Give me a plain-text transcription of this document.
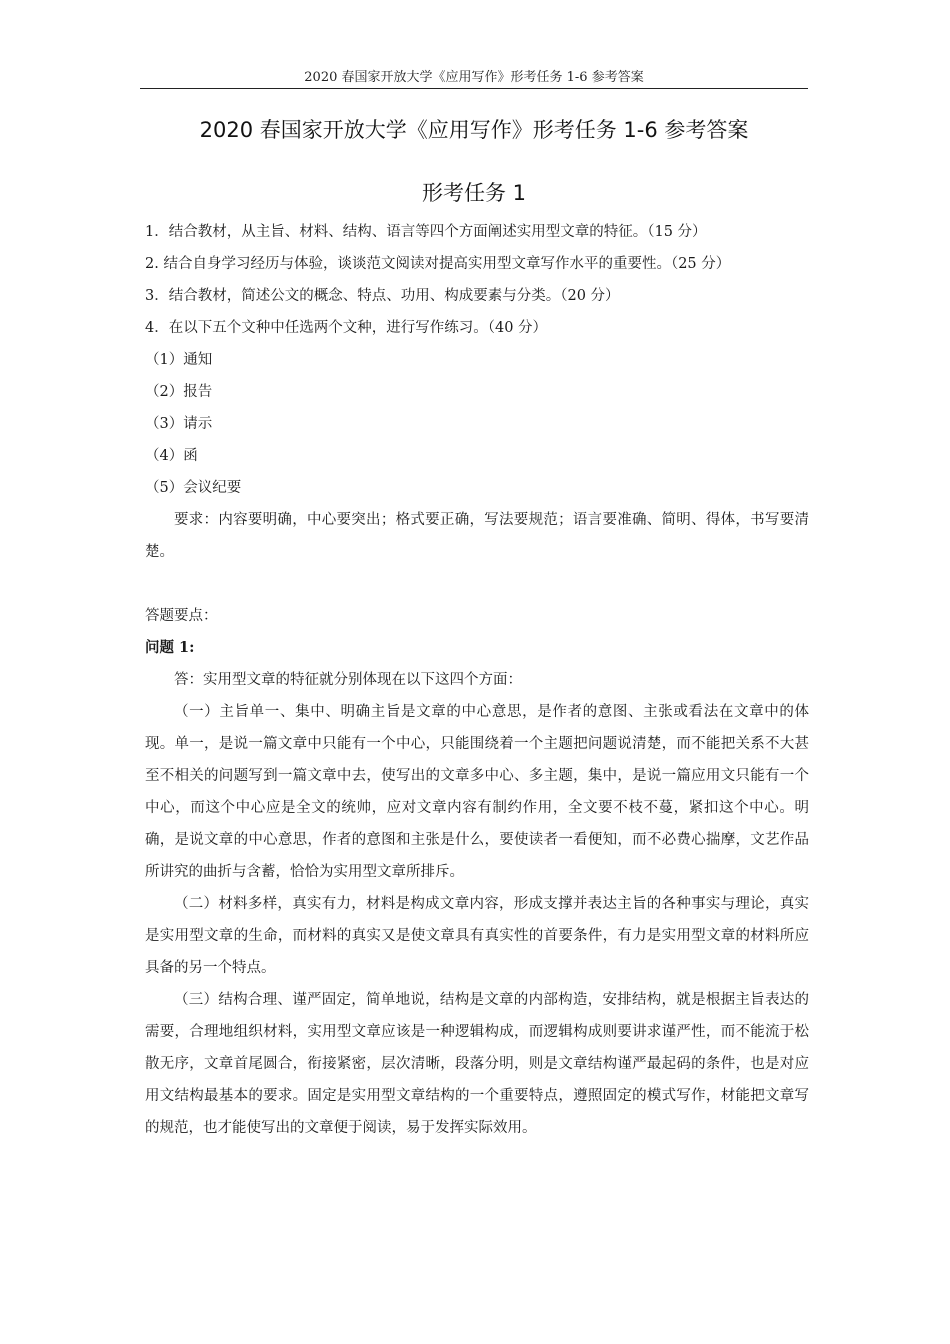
2020 春国家开放大学《应用写作》形考任务 1-6 参考答案
2020 春国家开放大学《应用写作》形考任务 1-6 参考答案
形考任务 1

1．结合教材，从主旨、材料、结构、语言等四个方面阐述实用型文章的特征。（15 分）

2. 结合自身学习经历与体验，谈谈范文阅读对提高实用型文章写作水平的重要性。（25 分）

3．结合教材，简述公文的概念、特点、功用、构成要素与分类。（20 分）

4．在以下五个文种中任选两个文种，进行写作练习。（40 分）

（1）通知

（2）报告

（3）请示

（4）函

（5）会议纪要

要求：内容要明确，中心要突出；格式要正确，写法要规范；语言要准确、简明、得体，书写要清楚。

答题要点：

问题 1:

答：实用型文章的特征就分别体现在以下这四个方面：

（一）主旨单一、集中、明确主旨是文章的中心意思，是作者的意图、主张或看法在文章中的体现。单一，是说一篇文章中只能有一个中心，只能围绕着一个主题把问题说清楚，而不能把关系不大甚至不相关的问题写到一篇文章中去，使写出的文章多中心、多主题，集中，是说一篇应用文只能有一个中心，而这个中心应是全文的统帅，应对文章内容有制约作用，全文要不枝不蔓，紧扣这个中心。明确，是说文章的中心意思，作者的意图和主张是什么，要使读者一看便知，而不必费心揣摩，文艺作品所讲究的曲折与含蓄，恰恰为实用型文章所排斥。

（二）材料多样，真实有力，材料是构成文章内容，形成支撑并表达主旨的各种事实与理论，真实是实用型文章的生命，而材料的真实又是使文章具有真实性的首要条件，有力是实用型文章的材料所应具备的另一个特点。

（三）结构合理、谨严固定，简单地说，结构是文章的内部构造，安排结构，就是根据主旨表达的需要，合理地组织材料，实用型文章应该是一种逻辑构成，而逻辑构成则要讲求谨严性，而不能流于松散无序，文章首尾圆合，衔接紧密，层次清晰，段落分明，则是文章结构谨严最起码的条件，也是对应用文结构最基本的要求。固定是实用型文章结构的一个重要特点，遵照固定的模式写作，材能把文章写的规范，也才能使写出的文章便于阅读，易于发挥实际效用。
